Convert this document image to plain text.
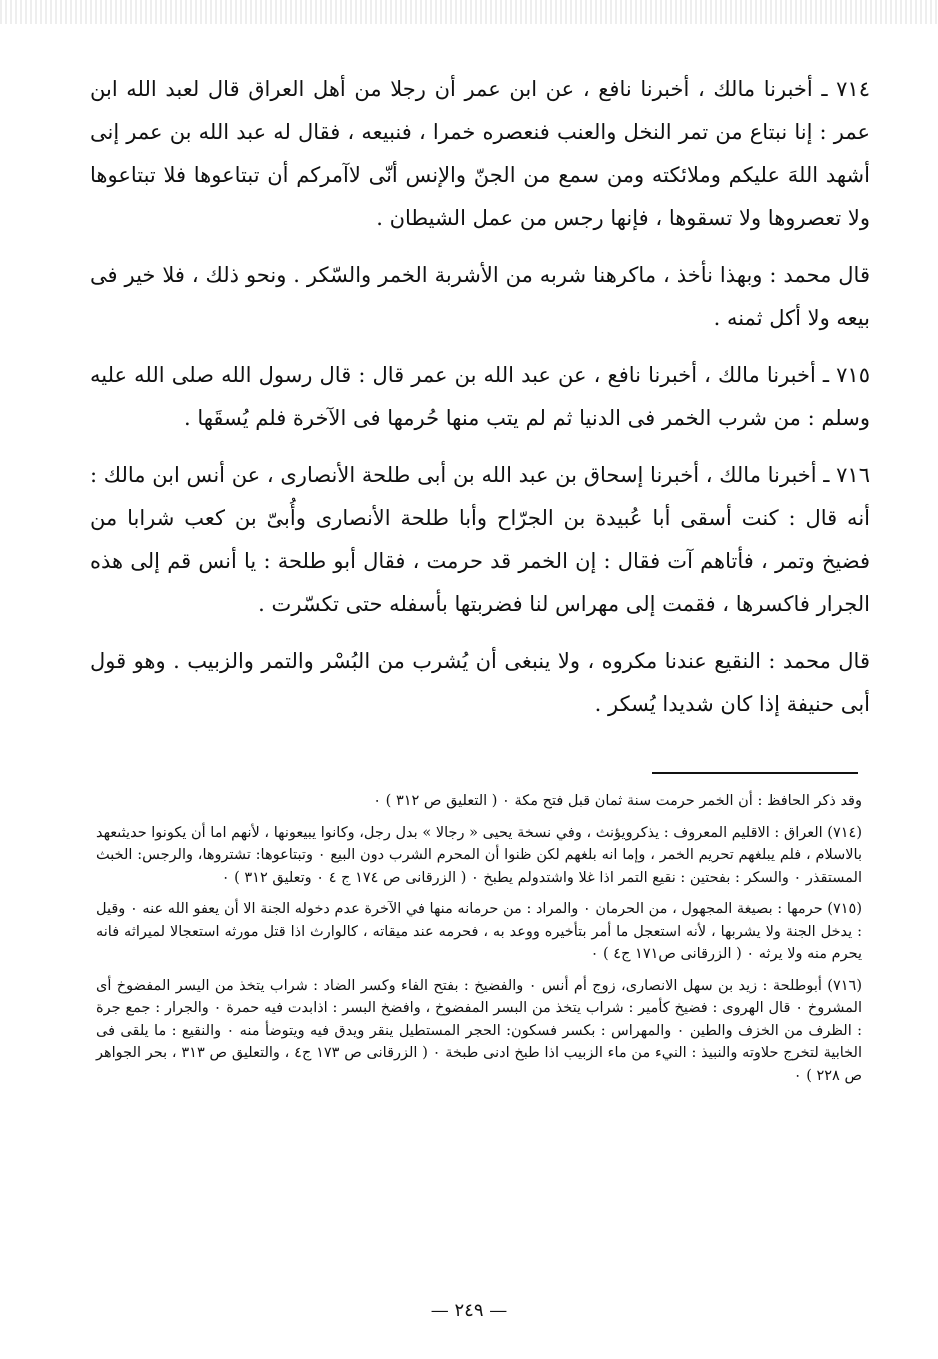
٧١٤ ـ أخبرنا مالك ، أخبرنا نافع ، عن ابن عمر أن رجلا من أهل العراق قال لعبد الله ابن عمر : إنا نبتاع من تمر النخل والعنب فنعصره خمرا ، فنبيعه ، فقال له عبد الله بن عمر إنى أشهد اللهَ عليكم وملائكته ومن سمع من الجنّ والإنس أنّى لاآمركم أن تبتاعوها فلا تبتاعوها ولا تعصروها ولا تسقوها ، فإنها رجس من عمل الشيطان .

قال محمد : وبهذا نأخذ ، ماكرهنا شربه من الأشربة الخمر والسّكر . ونحو ذلك ، فلا خير فى بيعه ولا أكل ثمنه .

٧١٥ ـ أخبرنا مالك ، أخبرنا نافع ، عن عبد الله بن عمر قال : قال رسول الله صلى الله عليه وسلم : من شرب الخمر فى الدنيا ثم لم يتب منها حُرمها فى الآخرة فلم يُسقَها .

٧١٦ ـ أخبرنا مالك ، أخبرنا إسحاق بن عبد الله بن أبى طلحة الأنصارى ، عن أنس ابن مالك : أنه قال : كنت أسقى أبا عُبيدة بن الجرّاح وأبا طلحة الأنصارى وأُبىّ بن كعب شرابا من فضيخ وتمر ، فأتاهم آت فقال : إن الخمر قد حرمت ، فقال أبو طلحة : يا أنس قم إلى هذه الجرار فاكسرها ، فقمت إلى مهراس لنا فضربتها بأسفله حتى تكسّرت .

قال محمد : النقيع عندنا مكروه ، ولا ينبغى أن يُشرب من البُسْر والتمر والزبيب . وهو قول أبى حنيفة إذا كان شديدا يُسكر .

وقد ذكر الحافظ : أن الخمر حرمت سنة ثمان قبل فتح مكة ٠ ( التعليق ص ٣١٢ ) ٠

(٧١٤) العراق : الاقليم المعروف : يذكرويؤنث ، وفي نسخة يحيى « رجالا » بدل رجل، وكانوا يبيعونها ، لأنهم اما أن يكونوا حديثىعهد بالاسلام ، فلم يبلغهم تحريم الخمر ، وإما انه بلغهم لكن ظنوا أن المحرم الشرب دون البيع ٠ وتبتاعوها: تشتروها، والرجس: الخبث المستقذر ٠ والسكر : بفحتين : نقيع التمر اذا غلا واشتدولم يطبخ ٠ ( الزرقانى ص ١٧٤ ج ٤ ٠ وتعليق ٣١٢ ) ٠

(٧١٥) حرمها : بصيغة المجهول ، من الحرمان ٠ والمراد : من حرمانه منها في الآخرة عدم دخوله الجنة الا أن يعفو الله عنه ٠ وقيل : يدخل الجنة ولا يشربها ، لأنه استعجل ما أمر بتأخيره ووعد به ، فحرمه عند ميقاته ، كالوارث اذا قتل مورثه استعجالا لميراثه فانه يحرم منه ولا يرثه ٠ ( الزرقانى ص١٧١ ج٤ ) ٠

(٧١٦) أبوطلحة : زيد بن سهل الانصارى، زوج أم أنس ٠ والفضيخ : بفتح الفاء وكسر الضاد : شراب يتخذ من اليسر المفضوخ أى المشروخ ٠ قال الهروى : فضيخ كأمير : شراب يتخذ من البسر المفضوخ ، وافضخ البسر : اذابدت فيه حمرة ٠ والجرار : جمع جرة : الظرف من الخزف والطين ٠ والمهراس : بكسر فسكون: الحجر المستطيل ينقر ويدق فيه ويتوضأ منه ٠ والنقيع : ما يلقى فى الخابية لتخرج حلاوته والنبيذ : النيء من ماء الزبيب اذا طبخ ادنى طبخة ٠ ( الزرقانى ص ١٧٣ ج٤ ، والتعليق ص ٣١٣ ، بحر الجواهر ص ٢٢٨ ) ٠

— ٢٤٩ —
